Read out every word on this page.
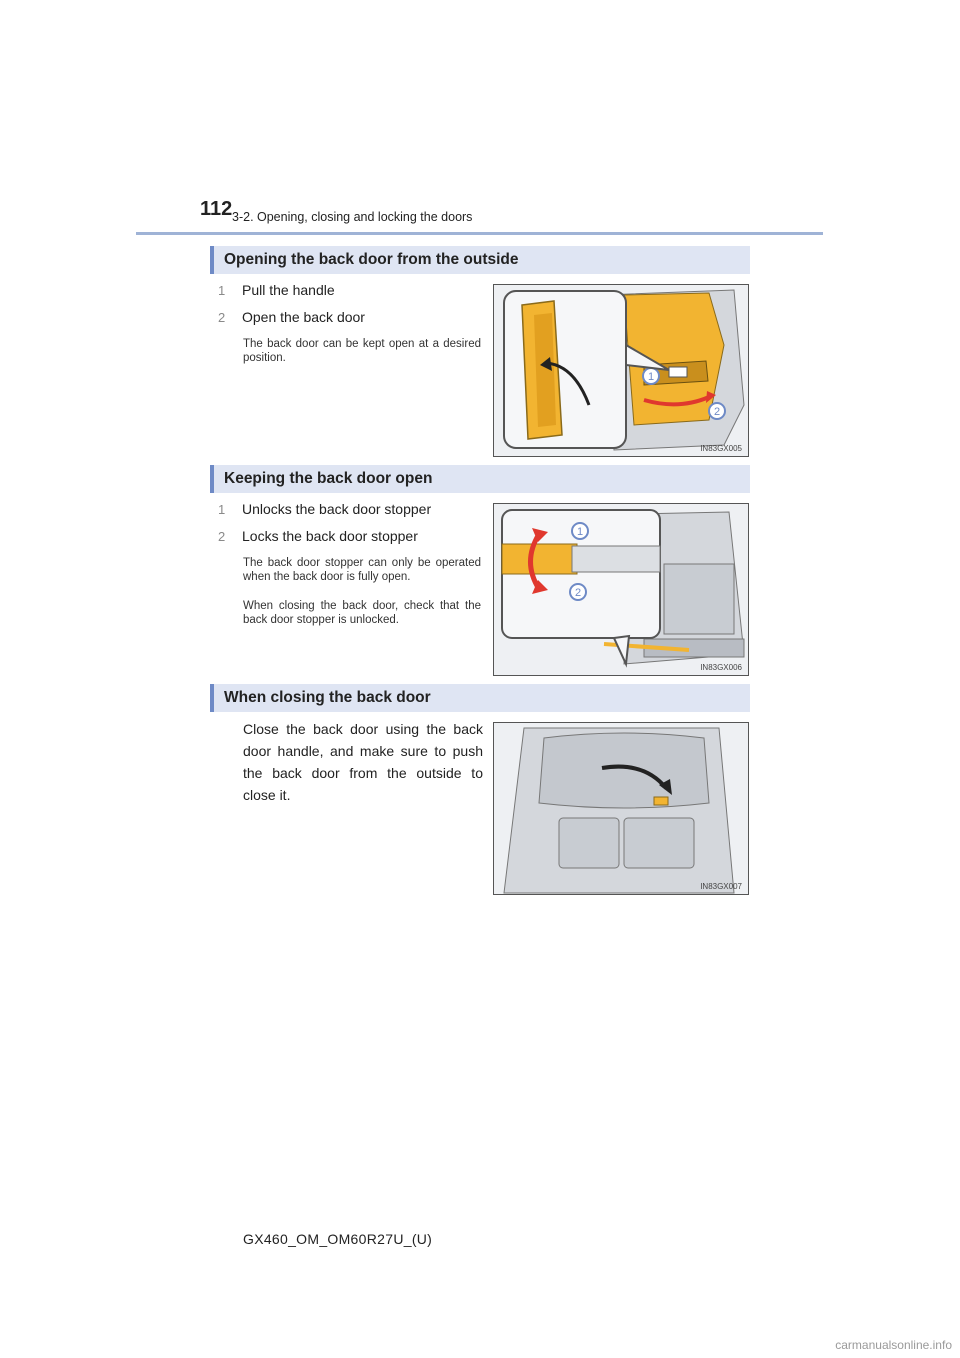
112 3-2. Opening, closing and locking the doors
Opening the back door from the outside
1 Pull the handle
2 Open the back door
The back door can be kept open at a desired position.
1
2
IN83GX005
Keeping the back door open
1 Unlocks the back door stopper
2 Locks the back door stopper
The back door stopper can only be operated when the back door is fully open.
When closing the back door, check that the back door stopper is unlocked.
1
2
IN83GX006
When closing the back door
Close the back door using the back door handle, and make sure to push the back door from the outside to close it.
IN83GX007
GX460_OM_OM60R27U_(U)
carmanualsonline.info
